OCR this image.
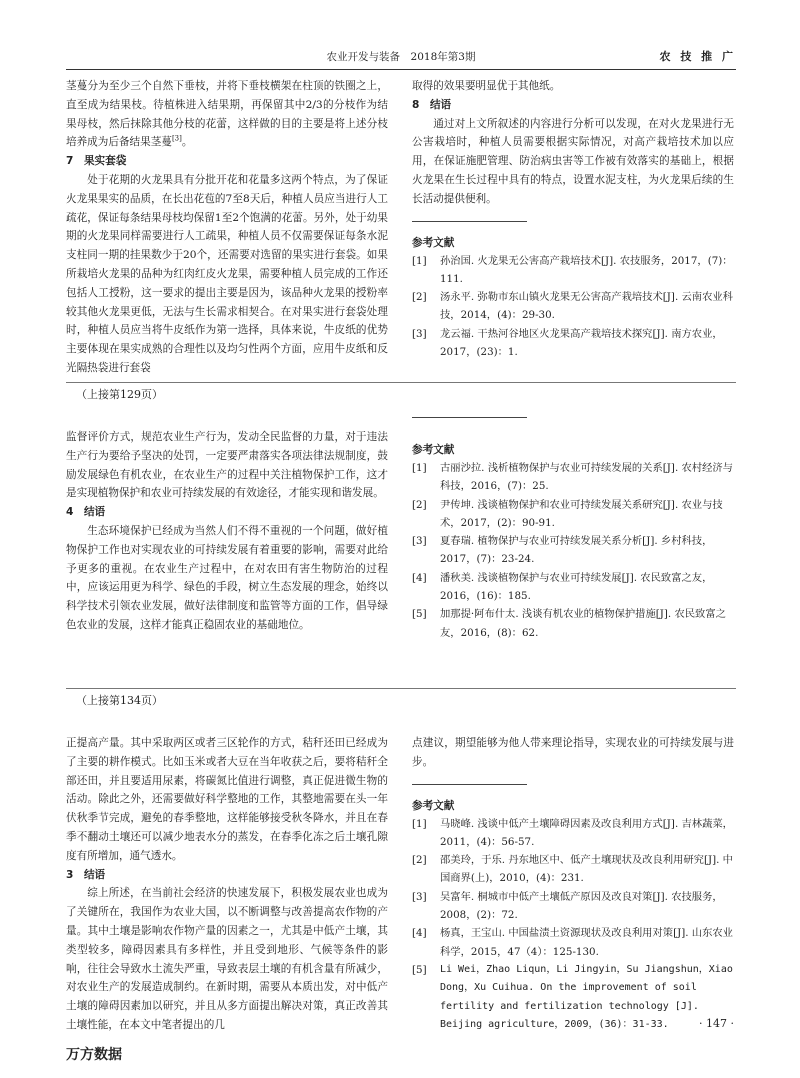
农业开发与装备　2018年第3期	农 技 推 广

茎蔓分为至少三个自然下垂枝，并将下垂枝横架在柱顶的铁圈之上，直至成为结果枝。待植株进入结果期，再保留其中2/3的分枝作为结果母枝，然后抹除其他分枝的花蕾，这样做的目的主要是将上述分枝培养成为后备结果茎蔓[3]。

7　果实套袋

处于花期的火龙果具有分批开花和花量多这两个特点，为了保证火龙果果实的品质，在长出花苞的7至8天后，种植人员应当进行人工疏花，保证每条结果母枝均保留1至2个饱满的花蕾。另外，处于幼果期的火龙果同样需要进行人工疏果，种植人员不仅需要保证每条水泥支柱同一期的挂果数少于20个，还需要对选留的果实进行套袋。如果所栽培火龙果的品种为红肉红皮火龙果，需要种植人员完成的工作还包括人工授粉，这一要求的提出主要是因为，该品种火龙果的授粉率较其他火龙果更低，无法与生长需求相契合。在对果实进行套袋处理时，种植人员应当将牛皮纸作为第一选择，具体来说，牛皮纸的优势主要体现在果实成熟的合理性以及均匀性两个方面，应用牛皮纸和反光隔热袋进行套袋

取得的效果要明显优于其他纸。

8　结语

通过对上文所叙述的内容进行分析可以发现，在对火龙果进行无公害栽培时，种植人员需要根据实际情况，对高产栽培技术加以应用，在保证施肥管理、防治病虫害等工作被有效落实的基础上，根据火龙果在生长过程中具有的特点，设置水泥支柱，为火龙果后续的生长活动提供便利。

参考文献
[1]	孙治国. 火龙果无公害高产栽培技术[J]. 农技服务，2017，(7)：111.
[2]	汤永平. 弥勒市东山镇火龙果无公害高产栽培技术[J]. 云南农业科技，2014，(4)：29-30.
[3]	龙云福. 干热河谷地区火龙果高产栽培技术探究[J]. 南方农业，2017，(23)：1.
（上接第129页）

监督评价方式，规范农业生产行为，发动全民监督的力量，对于违法生产行为要给予坚决的处罚，一定要严肃落实各项法律法规制度，鼓励发展绿色有机农业，在农业生产的过程中关注植物保护工作，这才是实现植物保护和农业可持续发展的有效途径，才能实现和谐发展。

4　结语

生态环境保护已经成为当然人们不得不重视的一个问题，做好植物保护工作也对实现农业的可持续发展有着重要的影响，需要对此给予更多的重视。在农业生产过程中，在对农田有害生物防治的过程中，应该运用更为科学、绿色的手段，树立生态发展的理念，始终以科学技术引领农业发展，做好法律制度和监管等方面的工作，倡导绿色农业的发展，这样才能真正稳固农业的基础地位。

参考文献
[1]	古丽沙拉. 浅析植物保护与农业可持续发展的关系[J]. 农村经济与科技，2016，(7)：25.
[2]	尹传坤. 浅谈植物保护和农业可持续发展关系研究[J]. 农业与技术，2017，(2)：90-91.
[3]	夏春瑞. 植物保护与农业可持续发展关系分析[J]. 乡村科技，2017，(7)：23-24.
[4]	潘秋美. 浅谈植物保护与农业可持续发展[J]. 农民致富之友，2016，(16)：185.
[5]	加那提·阿布什太. 浅谈有机农业的植物保护措施[J]. 农民致富之友，2016，(8)：62.
（上接第134页）

正提高产量。其中采取两区或者三区轮作的方式，秸秆还田已经成为了主要的耕作模式。比如玉米或者大豆在当年收获之后，要将秸秆全部还田，并且要适用尿素，将碳氮比值进行调整，真正促进微生物的活动。除此之外，还需要做好科学整地的工作，其整地需要在头一年伏秋季节完成，避免的春季整地，这样能够接受秋冬降水，并且在春季不翻动土壤还可以减少地表水分的蒸发，在春季化冻之后土壤孔隙度有所增加，通气透水。

3　结语

综上所述，在当前社会经济的快速发展下，积极发展农业也成为了关键所在，我国作为农业大国，以不断调整与改善提高农作物的产量。其中土壤是影响农作物产量的因素之一，尤其是中低产土壤，其类型较多，障碍因素具有多样性，并且受到地形、气候等条件的影响，往往会导致水土流失严重，导致表层土壤的有机含量有所减少，对农业生产的发展造成制约。在新时期，需要从本质出发，对中低产土壤的障碍因素加以研究，并且从多方面提出解决对策，真正改善其土壤性能，在本文中笔者提出的几

点建议，期望能够为他人带来理论指导，实现农业的可持续发展与进步。

参考文献
[1]	马晓峰. 浅谈中低产土壤障碍因素及改良利用方式[J]. 吉林蔬菜，2011，(4)：56-57.
[2]	邵美玲，于乐. 丹东地区中、低产土壤现状及改良利用研究[J]. 中国商界(上)，2010，(4)：231.
[3]	吴富年. 桐城市中低产土壤低产原因及改良对策[J]. 农技服务，2008，(2)：72.
[4]	杨真，王宝山. 中国盐渍土资源现状及改良利用对策[J]. 山东农业科学，2015，47（4）：125-130.
[5]	Li Wei，Zhao Liqun，Li Jingyin，Su Jiangshun，Xiao Dong，Xu Cuihua. On the improvement of soil fertility and fertilization technology [J]. Beijing agriculture，2009，(36)：31-33.	· 147 ·
万方数据
